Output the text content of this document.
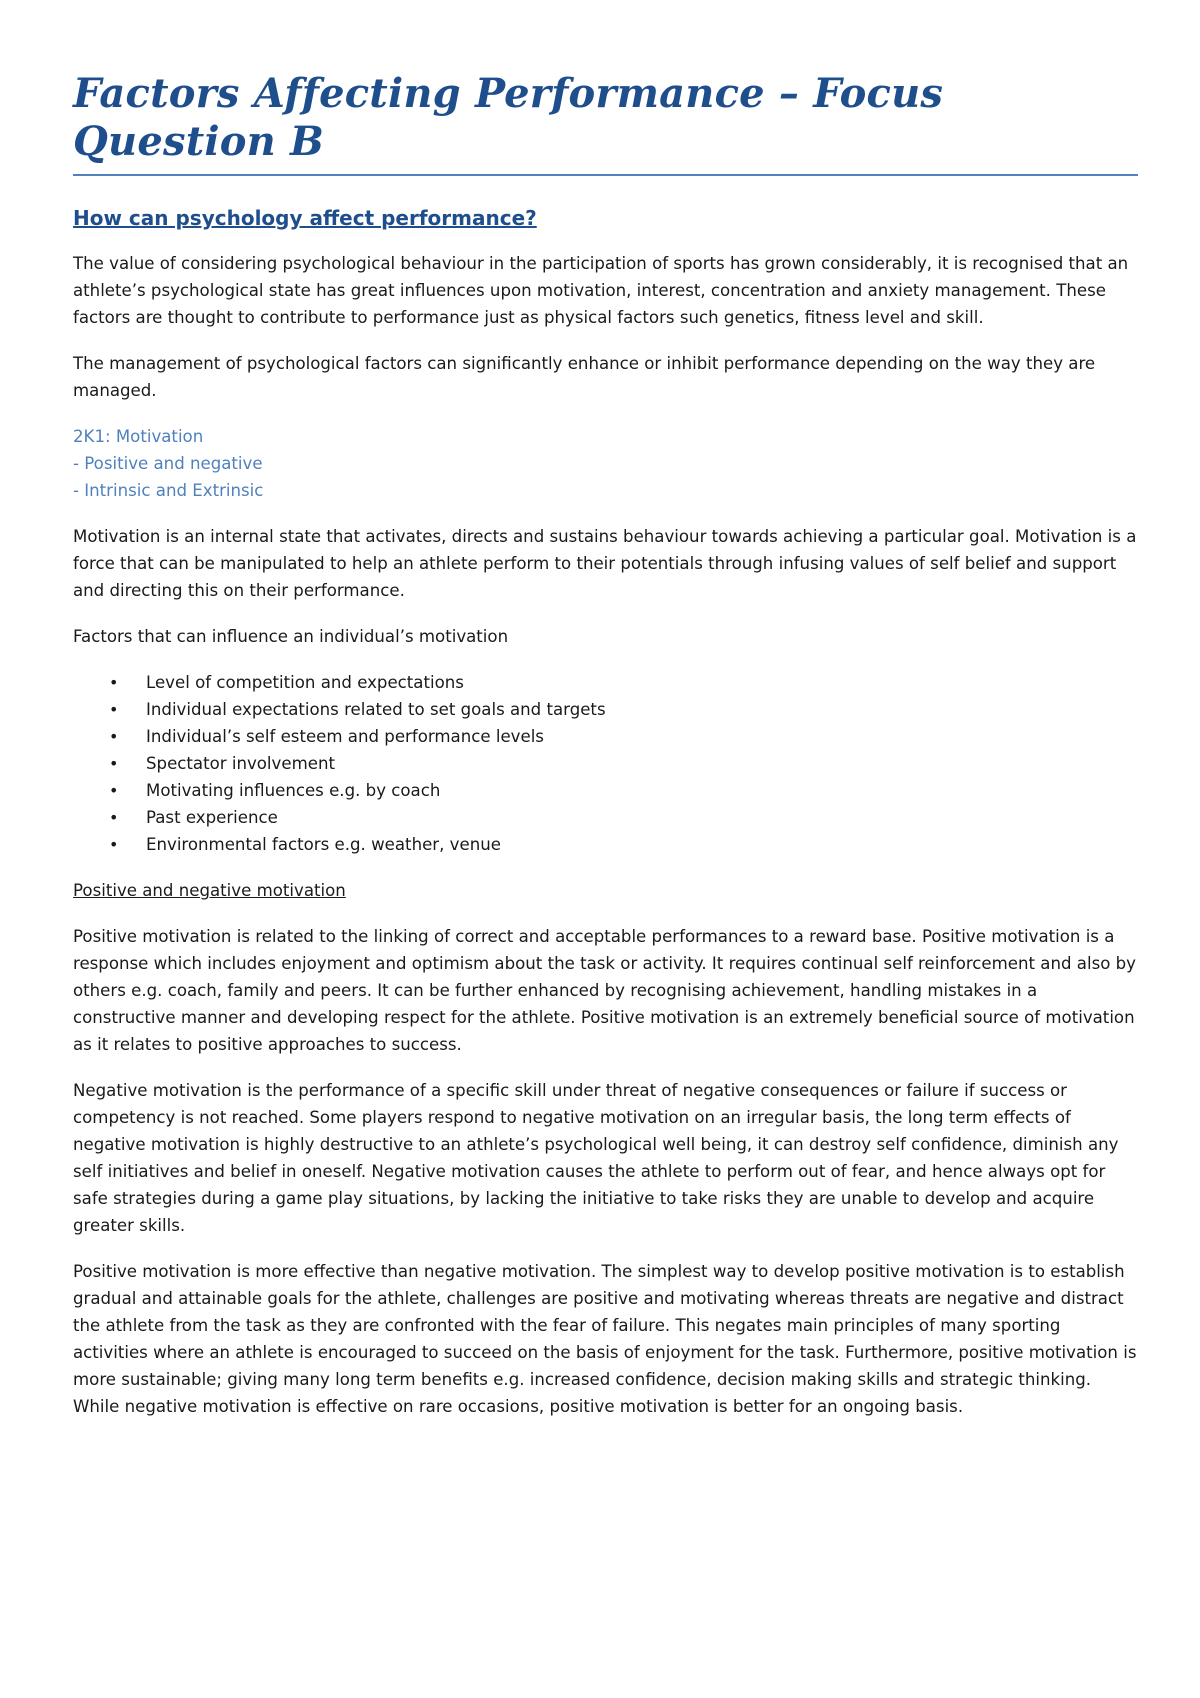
Factors Affecting Performance – Focus Question B
How can psychology affect performance?

The value of considering psychological behaviour in the participation of sports has grown considerably, it is recognised that an athlete’s psychological state has great influences upon motivation, interest, concentration and anxiety management. These factors are thought to contribute to performance just as physical factors such genetics, fitness level and skill.

The management of psychological factors can significantly enhance or inhibit performance depending on the way they are managed.

2K1: Motivation
- Positive and negative
- Intrinsic and Extrinsic

Motivation is an internal state that activates, directs and sustains behaviour towards achieving a particular goal. Motivation is a force that can be manipulated to help an athlete perform to their potentials through infusing values of self belief and support and directing this on their performance.

Factors that can influence an individual’s motivation

• Level of competition and expectations
• Individual expectations related to set goals and targets
• Individual’s self esteem and performance levels
• Spectator involvement
• Motivating influences e.g. by coach
• Past experience
• Environmental factors e.g. weather, venue
Positive and negative motivation

Positive motivation is related to the linking of correct and acceptable performances to a reward base. Positive motivation is a response which includes enjoyment and optimism about the task or activity. It requires continual self reinforcement and also by others e.g. coach, family and peers. It can be further enhanced by recognising achievement, handling mistakes in a constructive manner and developing respect for the athlete. Positive motivation is an extremely beneficial source of motivation as it relates to positive approaches to success.

Negative motivation is the performance of a specific skill under threat of negative consequences or failure if success or competency is not reached. Some players respond to negative motivation on an irregular basis, the long term effects of negative motivation is highly destructive to an athlete’s psychological well being, it can destroy self confidence, diminish any self initiatives and belief in oneself. Negative motivation causes the athlete to perform out of fear, and hence always opt for safe strategies during a game play situations, by lacking the initiative to take risks they are unable to develop and acquire greater skills.

Positive motivation is more effective than negative motivation. The simplest way to develop positive motivation is to establish gradual and attainable goals for the athlete, challenges are positive and motivating whereas threats are negative and distract the athlete from the task as they are confronted with the fear of failure. This negates main principles of many sporting activities where an athlete is encouraged to succeed on the basis of enjoyment for the task. Furthermore, positive motivation is more sustainable; giving many long term benefits e.g. increased confidence, decision making skills and strategic thinking. While negative motivation is effective on rare occasions, positive motivation is better for an ongoing basis.
